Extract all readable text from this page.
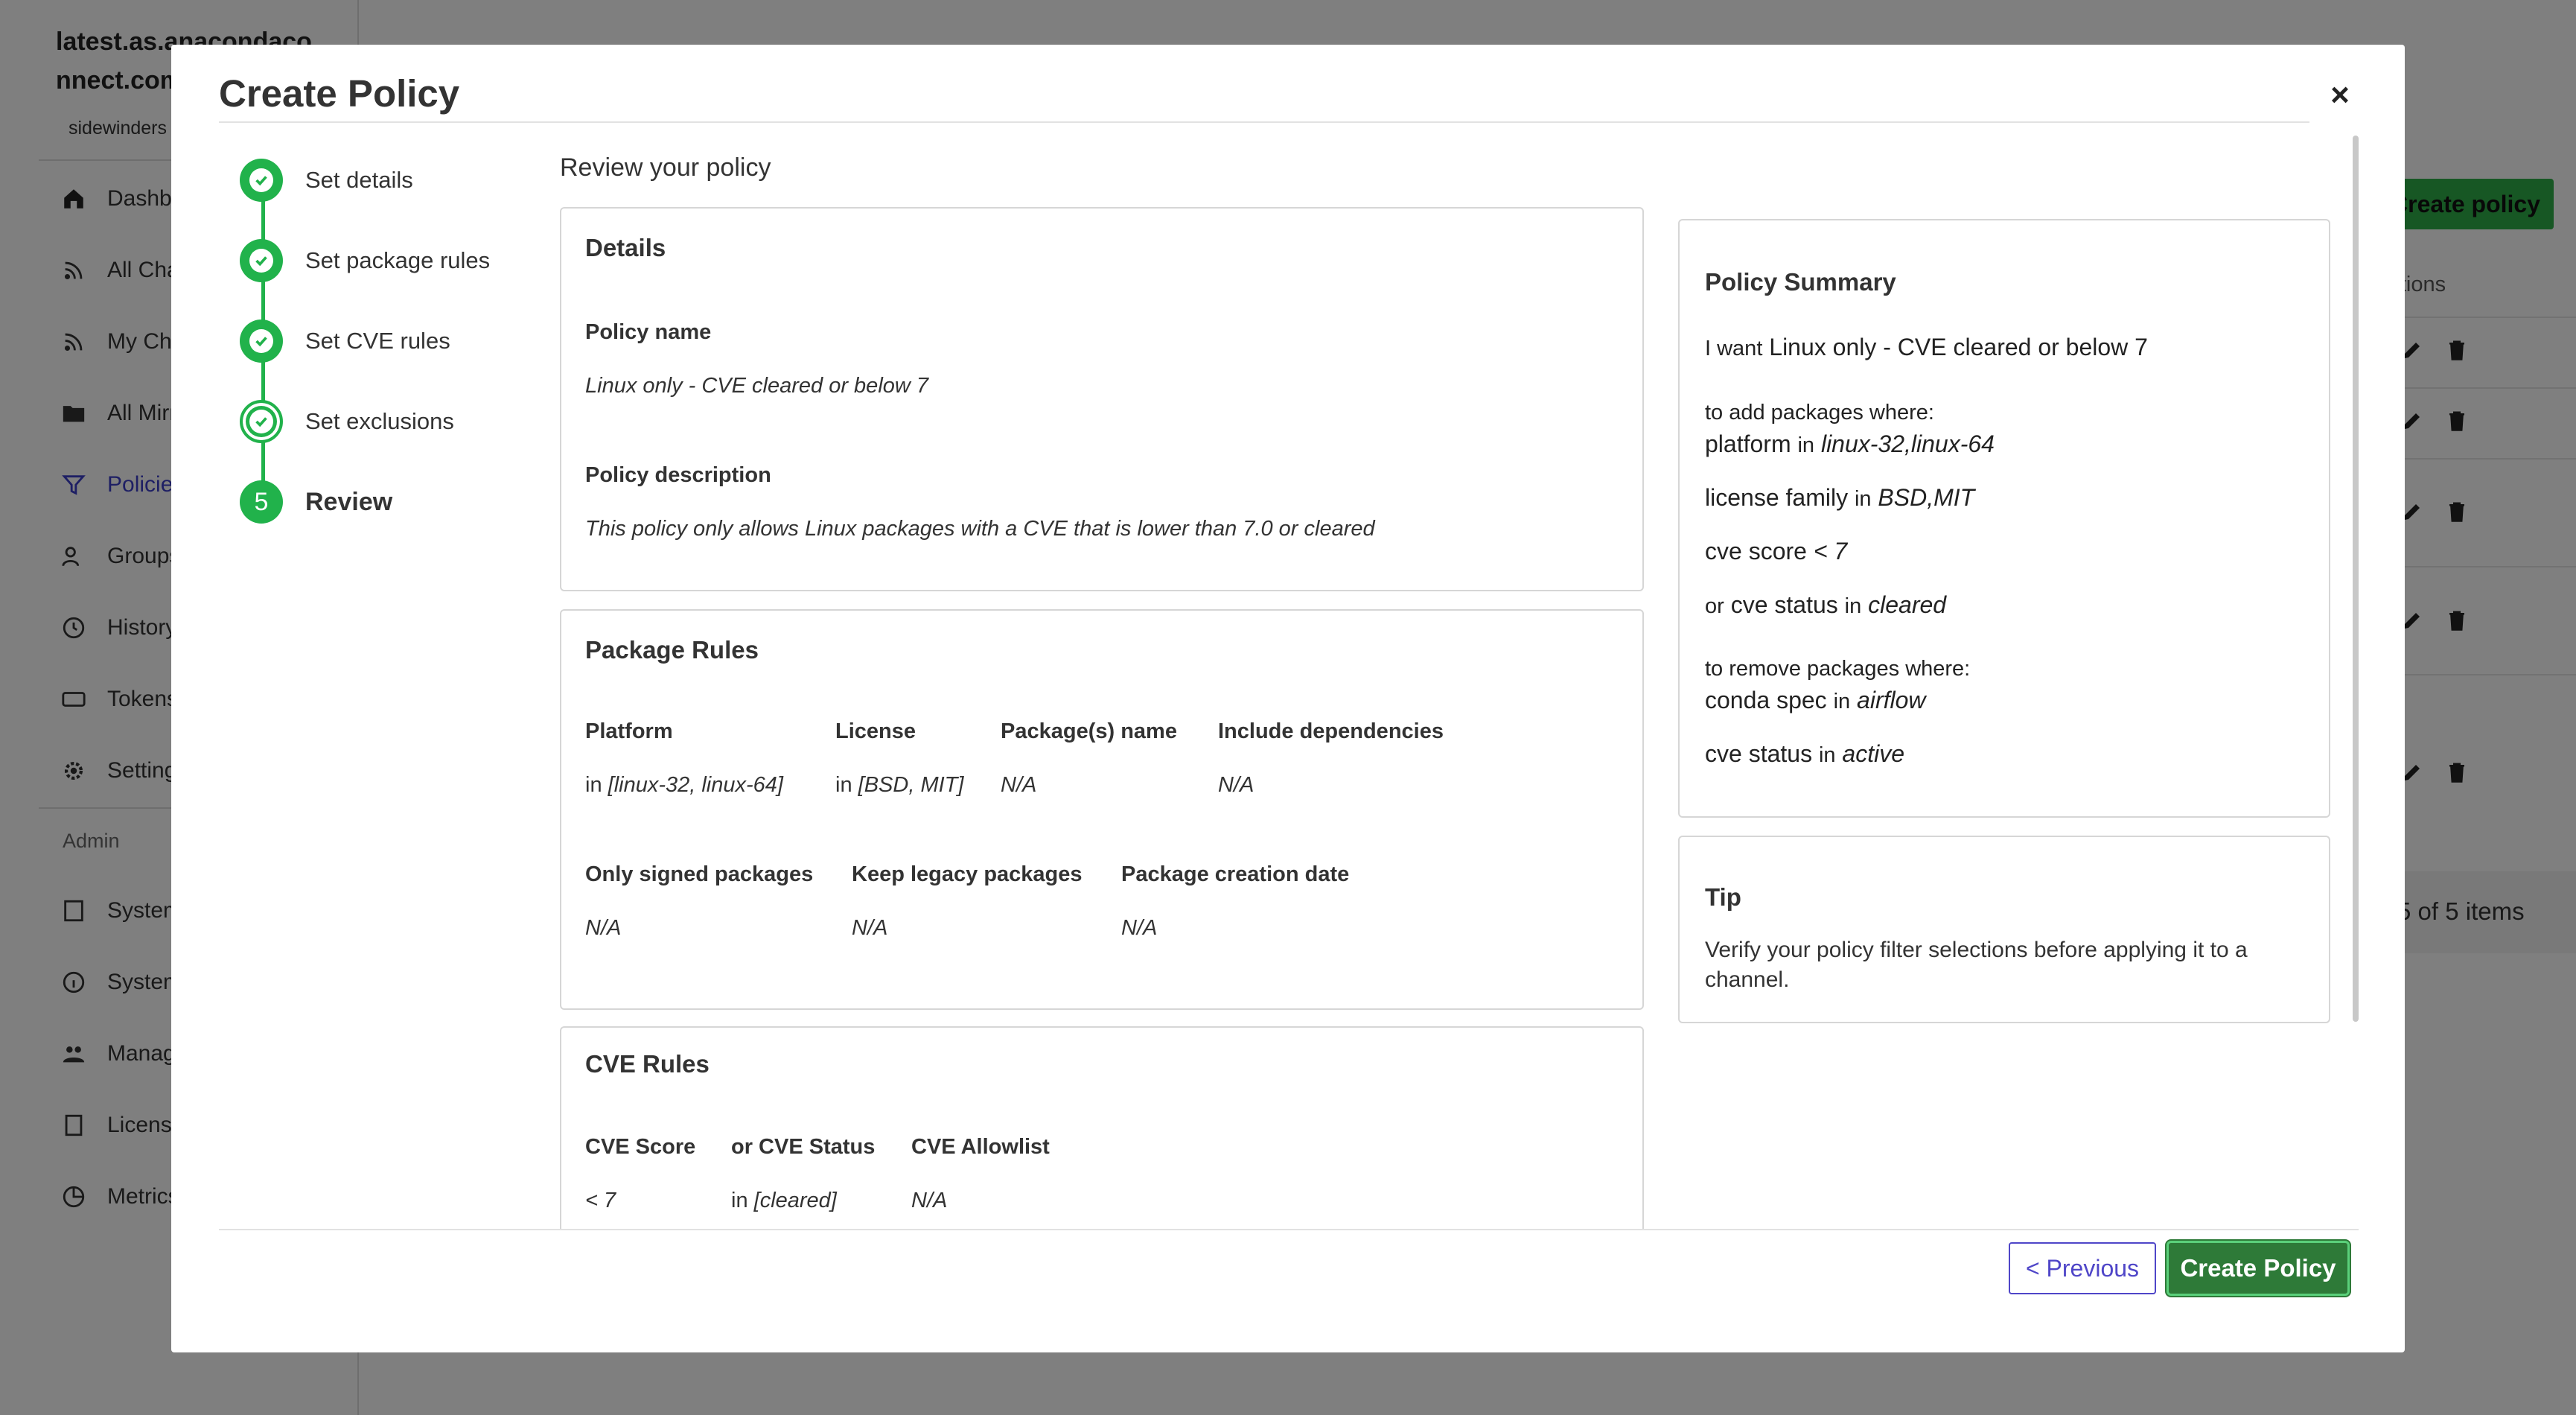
Create Policy	×
Set details
Set package rules
Set CVE rules
Set exclusions
5	Review
Review your policy
Details
Policy name
Linux only - CVE cleared or below 7
Policy description
This policy only allows Linux packages with a CVE that is lower than 7.0 or cleared
Package Rules
Platform
in [linux-32, linux-64]
License
in [BSD, MIT]
Package(s) name
N/A
Include dependencies
N/A
Only signed packages
N/A
Keep legacy packages
N/A
Package creation date
N/A
CVE Rules
CVE Score
< 7
or CVE Status
in [cleared]
CVE Allowlist
N/A
Policy Summary
I want Linux only - CVE cleared or below 7
to add packages where:
platform in linux-32,linux-64
license family in BSD,MIT
cve score < 7
or cve status in cleared
to remove packages where:
conda spec in airflow
cve status in active
Tip
Verify your policy filter selections before applying it to a channel.
< Previous	Create Policy
